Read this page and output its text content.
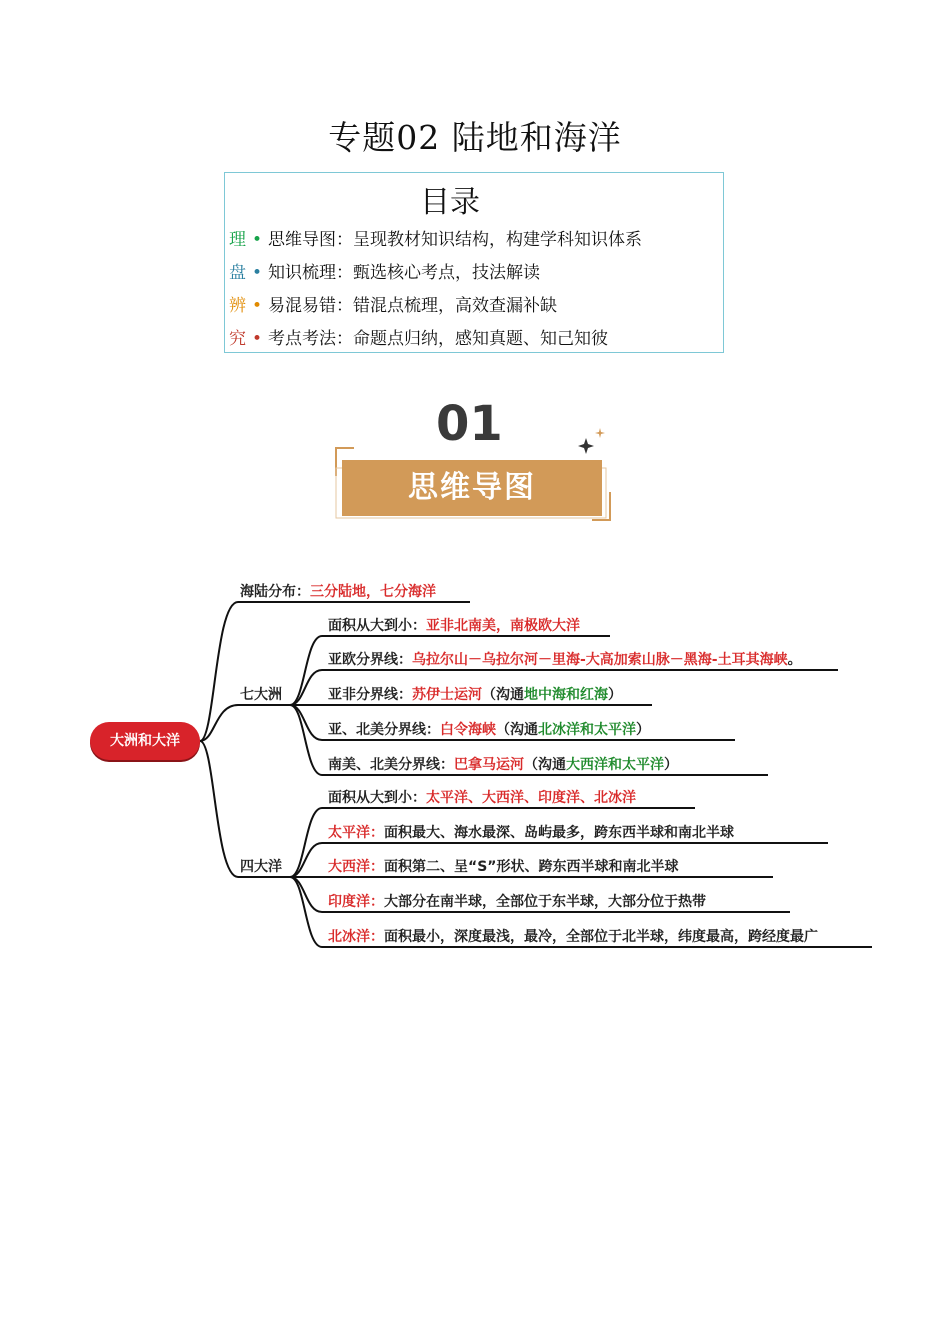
专题02 陆地和海洋
目录
理 • 思维导图：呈现教材知识结构，构建学科知识体系
盘 • 知识梳理：甄选核心考点，技法解读
辨 • 易混易错：错混点梳理，高效查漏补缺
究 • 考点考法：命题点归纳，感知真题、知己知彼
01
思维导图
大洲和大洋
海陆分布：三分陆地，七分海洋
七大洲
四大洋
面积从大到小：亚非北南美，南极欧大洋
亚欧分界线：乌拉尔山－乌拉尔河－里海-大高加索山脉－黑海-土耳其海峡。
亚非分界线：苏伊士运河（沟通地中海和红海）
亚、北美分界线：白令海峡（沟通北冰洋和太平洋）
南美、北美分界线：巴拿马运河（沟通大西洋和太平洋）
面积从大到小：太平洋、大西洋、印度洋、北冰洋
太平洋：面积最大、海水最深、岛屿最多，跨东西半球和南北半球
大西洋：面积第二、呈“S”形状、跨东西半球和南北半球
印度洋：大部分在南半球，全部位于东半球，大部分位于热带
北冰洋：面积最小，深度最浅，最冷，全部位于北半球，纬度最高，跨经度最广
